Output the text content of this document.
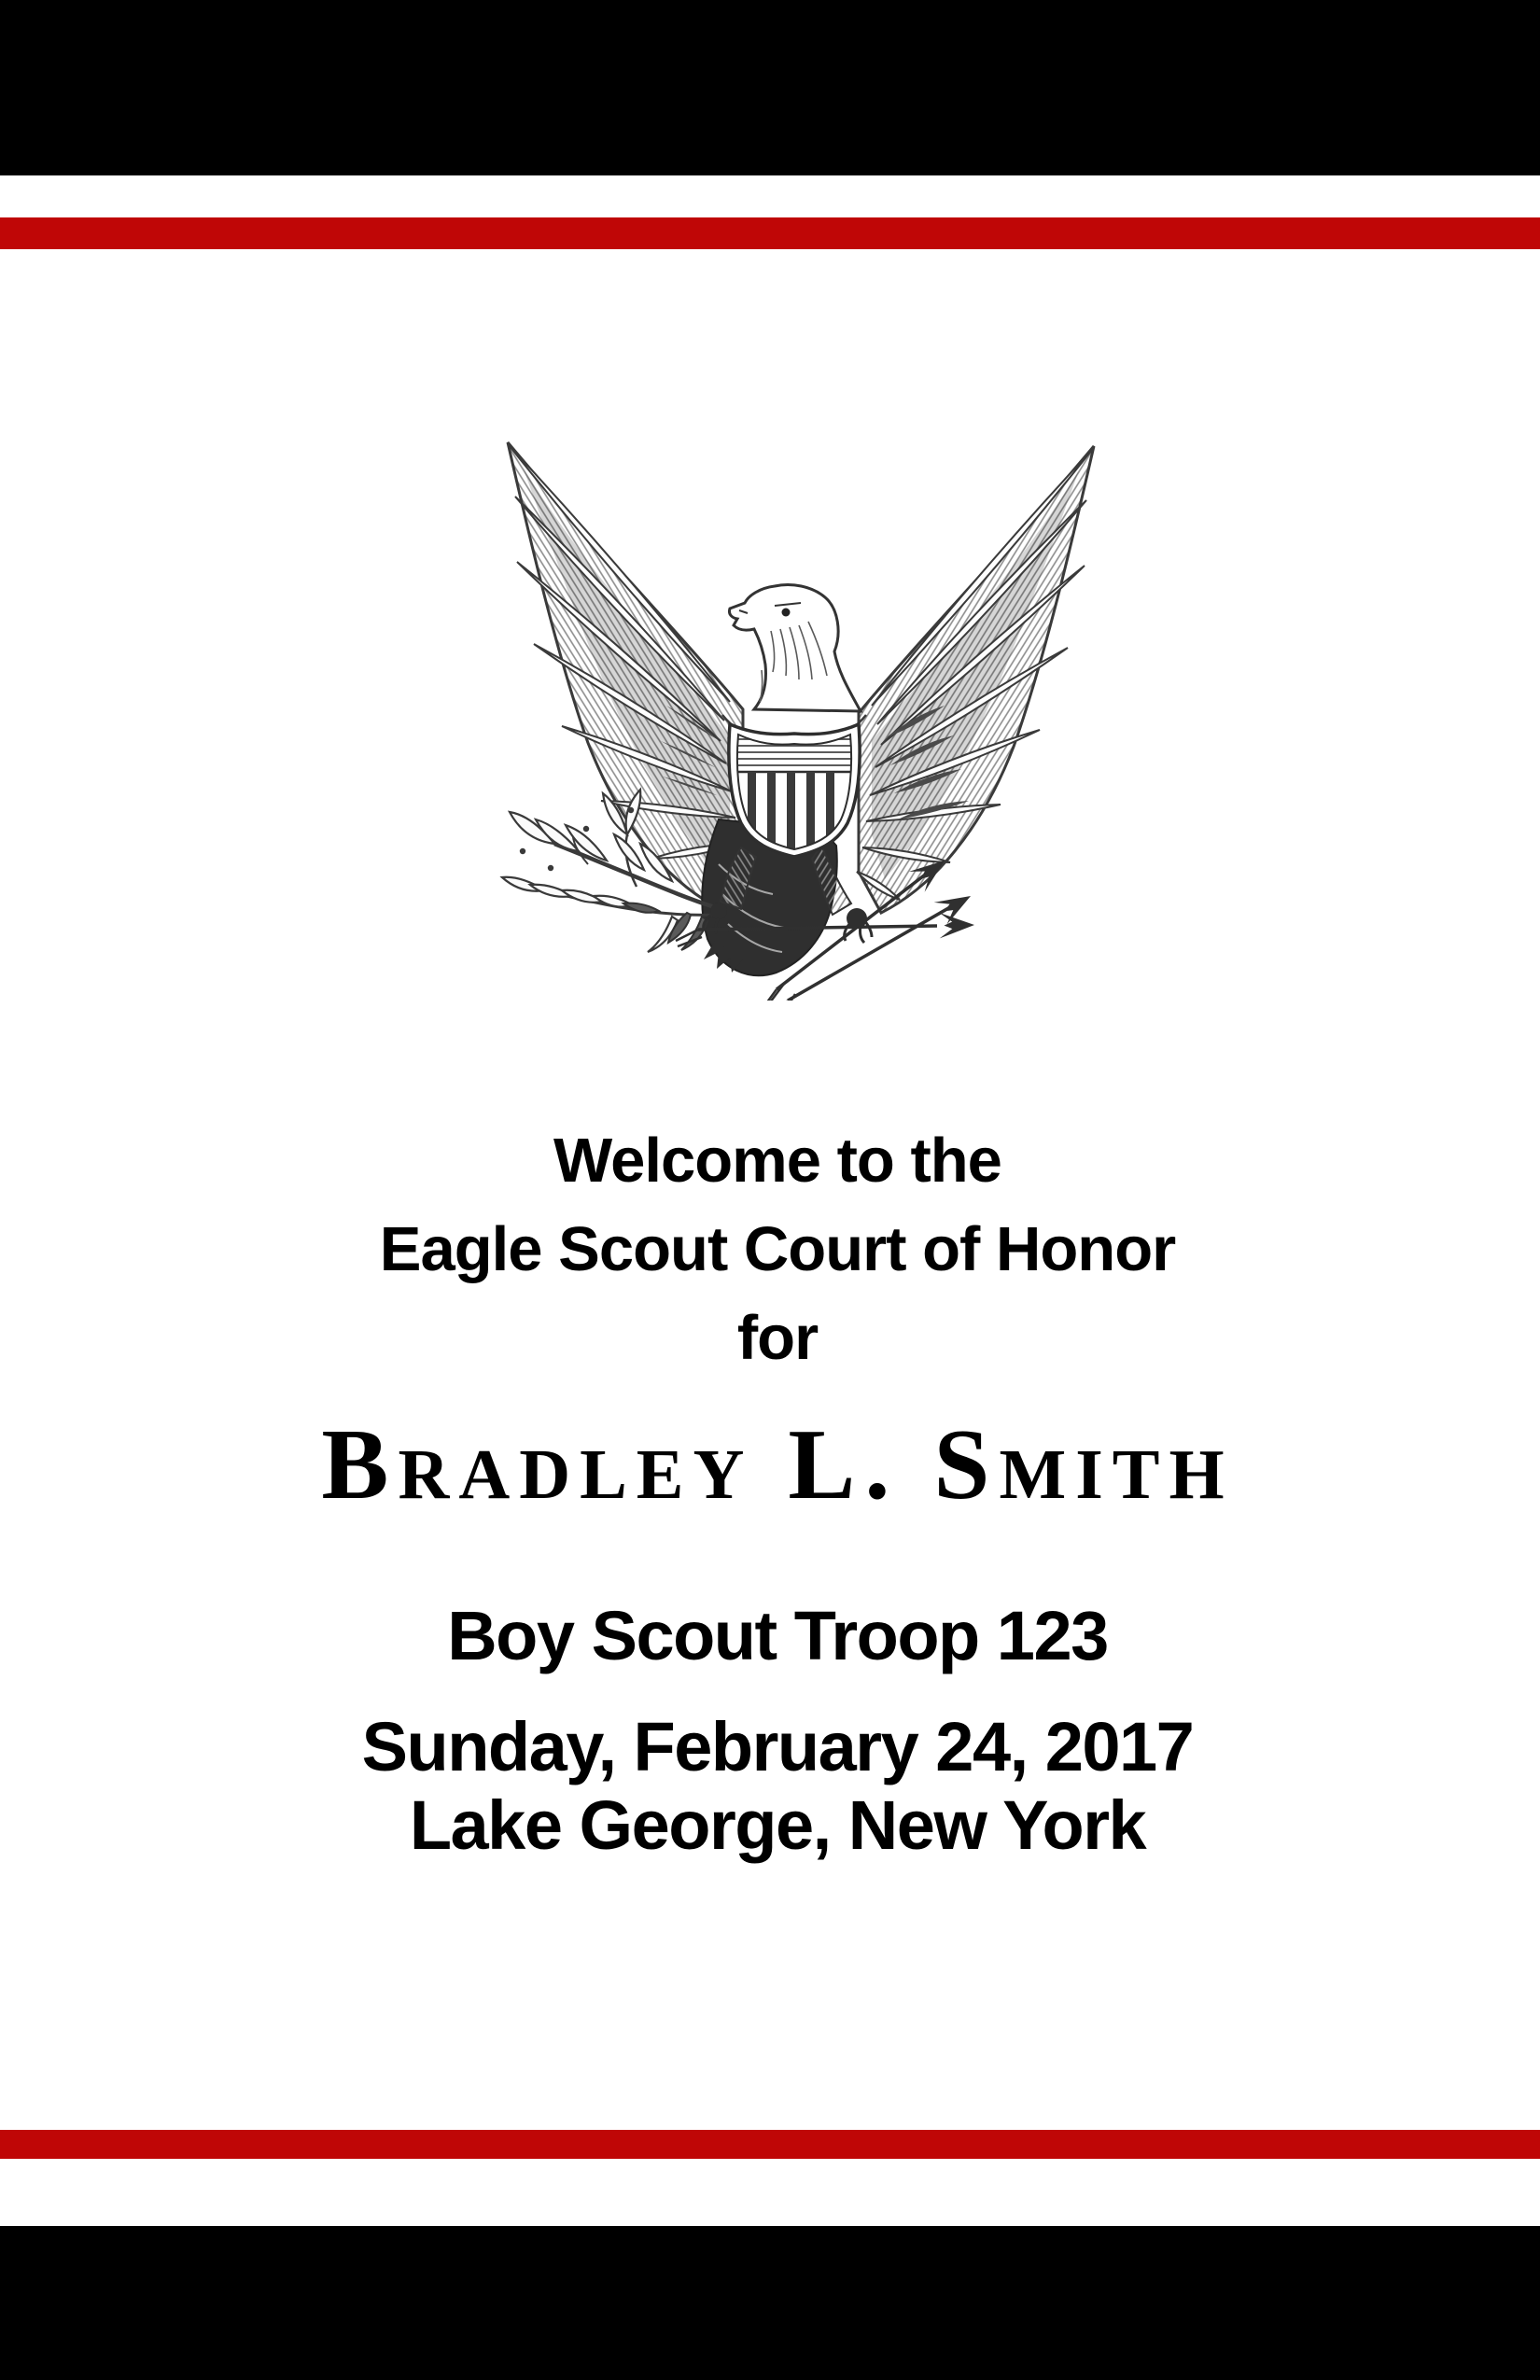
Welcome to the
Eagle Scout Court of Honor
for
Bradley L. Smith
Boy Scout Troop 123
Sunday, February 24, 2017
Lake George, New York
